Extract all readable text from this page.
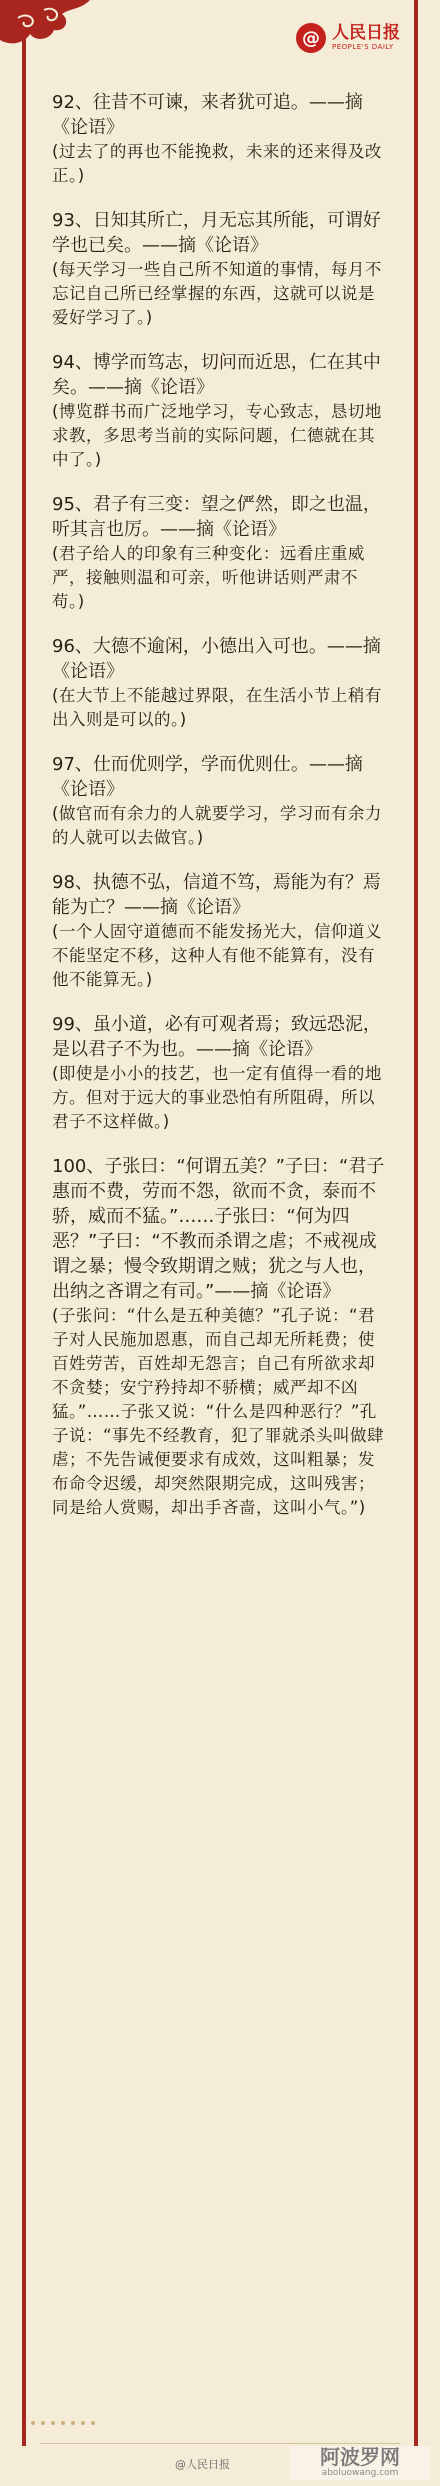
@ 人民日报
PEOPLE'S DAILY

92、往昔不可谏，来者犹可追。——摘《论语》

(过去了的再也不能挽救，未来的还来得及改正。)

93、日知其所亡，月无忘其所能，可谓好学也已矣。——摘《论语》

(每天学习一些自己所不知道的事情，每月不忘记自己所已经掌握的东西，这就可以说是爱好学习了。)

94、博学而笃志，切问而近思，仁在其中矣。——摘《论语》

(博览群书而广泛地学习，专心致志，恳切地求教，多思考当前的实际问题，仁德就在其中了。)

95、君子有三变：望之俨然，即之也温，听其言也厉。——摘《论语》

(君子给人的印象有三种变化：远看庄重威严，接触则温和可亲，听他讲话则严肃不苟。)

96、大德不逾闲，小德出入可也。——摘《论语》

(在大节上不能越过界限，在生活小节上稍有出入则是可以的。)

97、仕而优则学，学而优则仕。——摘《论语》

(做官而有余力的人就要学习，学习而有余力的人就可以去做官。)

98、执德不弘，信道不笃，焉能为有？焉能为亡？——摘《论语》

(一个人固守道德而不能发扬光大，信仰道义不能坚定不移，这种人有他不能算有，没有他不能算无。)

99、虽小道，必有可观者焉；致远恐泥，是以君子不为也。——摘《论语》

(即使是小小的技艺，也一定有值得一看的地方。但对于远大的事业恐怕有所阻碍，所以君子不这样做。)

100、子张曰：“何谓五美？”子曰：“君子惠而不费，劳而不怨，欲而不贪，泰而不骄，威而不猛。”……子张曰：“何为四恶？”子曰：“不教而杀谓之虐；不戒视成谓之暴；慢令致期谓之贼；犹之与人也，出纳之吝谓之有司。”——摘《论语》

(子张问：“什么是五种美德？”孔子说：“君子对人民施加恩惠，而自己却无所耗费；使百姓劳苦，百姓却无怨言；自己有所欲求却不贪婪；安宁矜持却不骄横；威严却不凶猛。”……子张又说：“什么是四种恶行？”孔子说：“事先不经教育，犯了罪就杀头叫做肆虐；不先告诫便要求有成效，这叫粗暴；发布命令迟缓，却突然限期完成，这叫残害；同是给人赏赐，却出手吝啬，这叫小气。”)

@人民日报	阿波罗网
aboluowang.com
